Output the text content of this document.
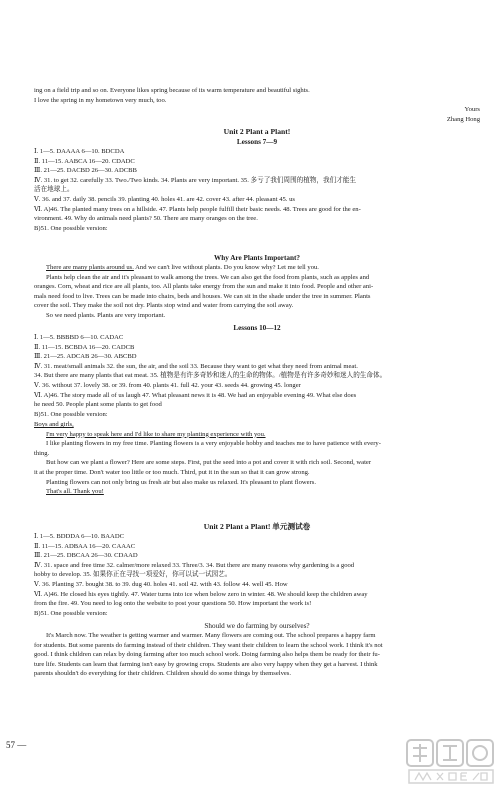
ing on a field trip and so on. Everyone likes spring because of its warm temperature and beautiful sights.
I love the spring in my hometown very much, too.
Yours
Zhang Hong
Unit 2 Plant a Plant!
Lessons 7—9
Ⅰ. 1—5. DAAAA 6—10. BDCDA
Ⅱ. 11—15. AABCA 16—20. CDADC
Ⅲ. 21—25. DACBD 26—30. ADCBB
Ⅳ. 31. to get 32. carefully 33. Two./Two kinds. 34. Plants are very important. 35. 多亏了我们周围的植物，我们才能生
活在地球上。
Ⅴ. 36. and 37. daily 38. pencils 39. planting 40. holes 41. are 42. cover 43. after 44. pleasant 45. us
Ⅵ. A)46. The planted many trees on a hillside. 47. Plants help people fulfill their basic needs. 48. Trees are good for the en-
vironment. 49. Why do animals need plants? 50. There are many oranges on the tree.
B)51. One possible version:
Why Are Plants Important?
There are many plants around us. And we can't live without plants. Do you know why? Let me tell you.
Plants help clean the air and it's pleasant to walk among the trees. We can also get the food from plants, such as apples and
oranges. Corn, wheat and rice are all plants, too. All plants take energy from the sun and make it into food. People and other ani-
mals need food to live. Trees can be made into chairs, beds and houses. We can sit in the shade under the tree in summer. Plants
cover the soil. They make the soil not dry. Plants stop wind and water from carrying the soil away.
So we need plants. Plants are very important.
Lessons 10—12
Ⅰ. 1—5. BBBBD 6—10. CADAC
Ⅱ. 11—15. BCBDA 16—20. CADCB
Ⅲ. 21—25. ADCAB 26—30. ABCBD
Ⅳ. 31. meat/small animals 32. the sun, the air, and the soil 33. Because they want to get what they need from animal meat.
34. But there are many plants that eat meat. 35. 植物是有许多奇妙和迷人的生命的物体。/植物是有许多奇妙和迷人的生命体。
Ⅴ. 36. without 37. lovely 38. or 39. from 40. plants 41. full 42. your 43. seeds 44. growing 45. longer
Ⅵ. A)46. The story made all of us laugh 47. What pleasant news it is 48. We had an enjoyable evening 49. What else does
he need 50. People plant some plants to get food
B)51. One possible version:
Boys and girls,
I'm very happy to speak here and I'd like to share my planting experience with you.
I like planting flowers in my free time. Planting flowers is a very enjoyable hobby and teaches me to have patience with every-
thing.
But how can we plant a flower? Here are some steps. First, put the seed into a pot and cover it with rich soil. Second, water
it at the proper time. Don't water too little or too much. Third, put it in the sun so that it can grow strong.
Planting flowers can not only bring us fresh air but also make us relaxed. It's pleasant to plant flowers.
That's all. Thank you!
Unit 2 Plant a Plant! 单元测试卷
Ⅰ. 1—5. BDDDA 6—10. BAADC
Ⅱ. 11—15. ADBAA 16—20. CAAAC
Ⅲ. 21—25. DBCAA 26—30. CDAAD
Ⅳ. 31. space and free time 32. calmer/more relaxed 33. Three/3. 34. But there are many reasons why gardening is a good
hobby to develop. 35. 如果你正在寻找一项爱好，你可以试一试园艺。
Ⅴ. 36. Planting 37. bought 38. to 39. dug 40. holes 41. soil 42. with 43. follow 44. well 45. How
Ⅵ. A)46. He closed his eyes tightly. 47. Water turns into ice when below zero in winter. 48. We should keep the children away
from the fire. 49. You need to log onto the website to post your questions 50. How important the work is!
B)51. One possible version:
Should we do farming by ourselves?
It's March now. The weather is getting warmer and warmer. Many flowers are coming out. The school prepares a happy farm
for students. But some parents do farming instead of their children. They want their children to learn the school work. I think it's not
good. I think children can relax by doing farming after too much school work. Doing farming also helps them be ready for their fu-
ture life. Students can learn that farming isn't easy by growing crops. Students are also very happy when they get a harvest. I think
parents shouldn't do everything for their children. Children should do some things by themselves.
57 —
